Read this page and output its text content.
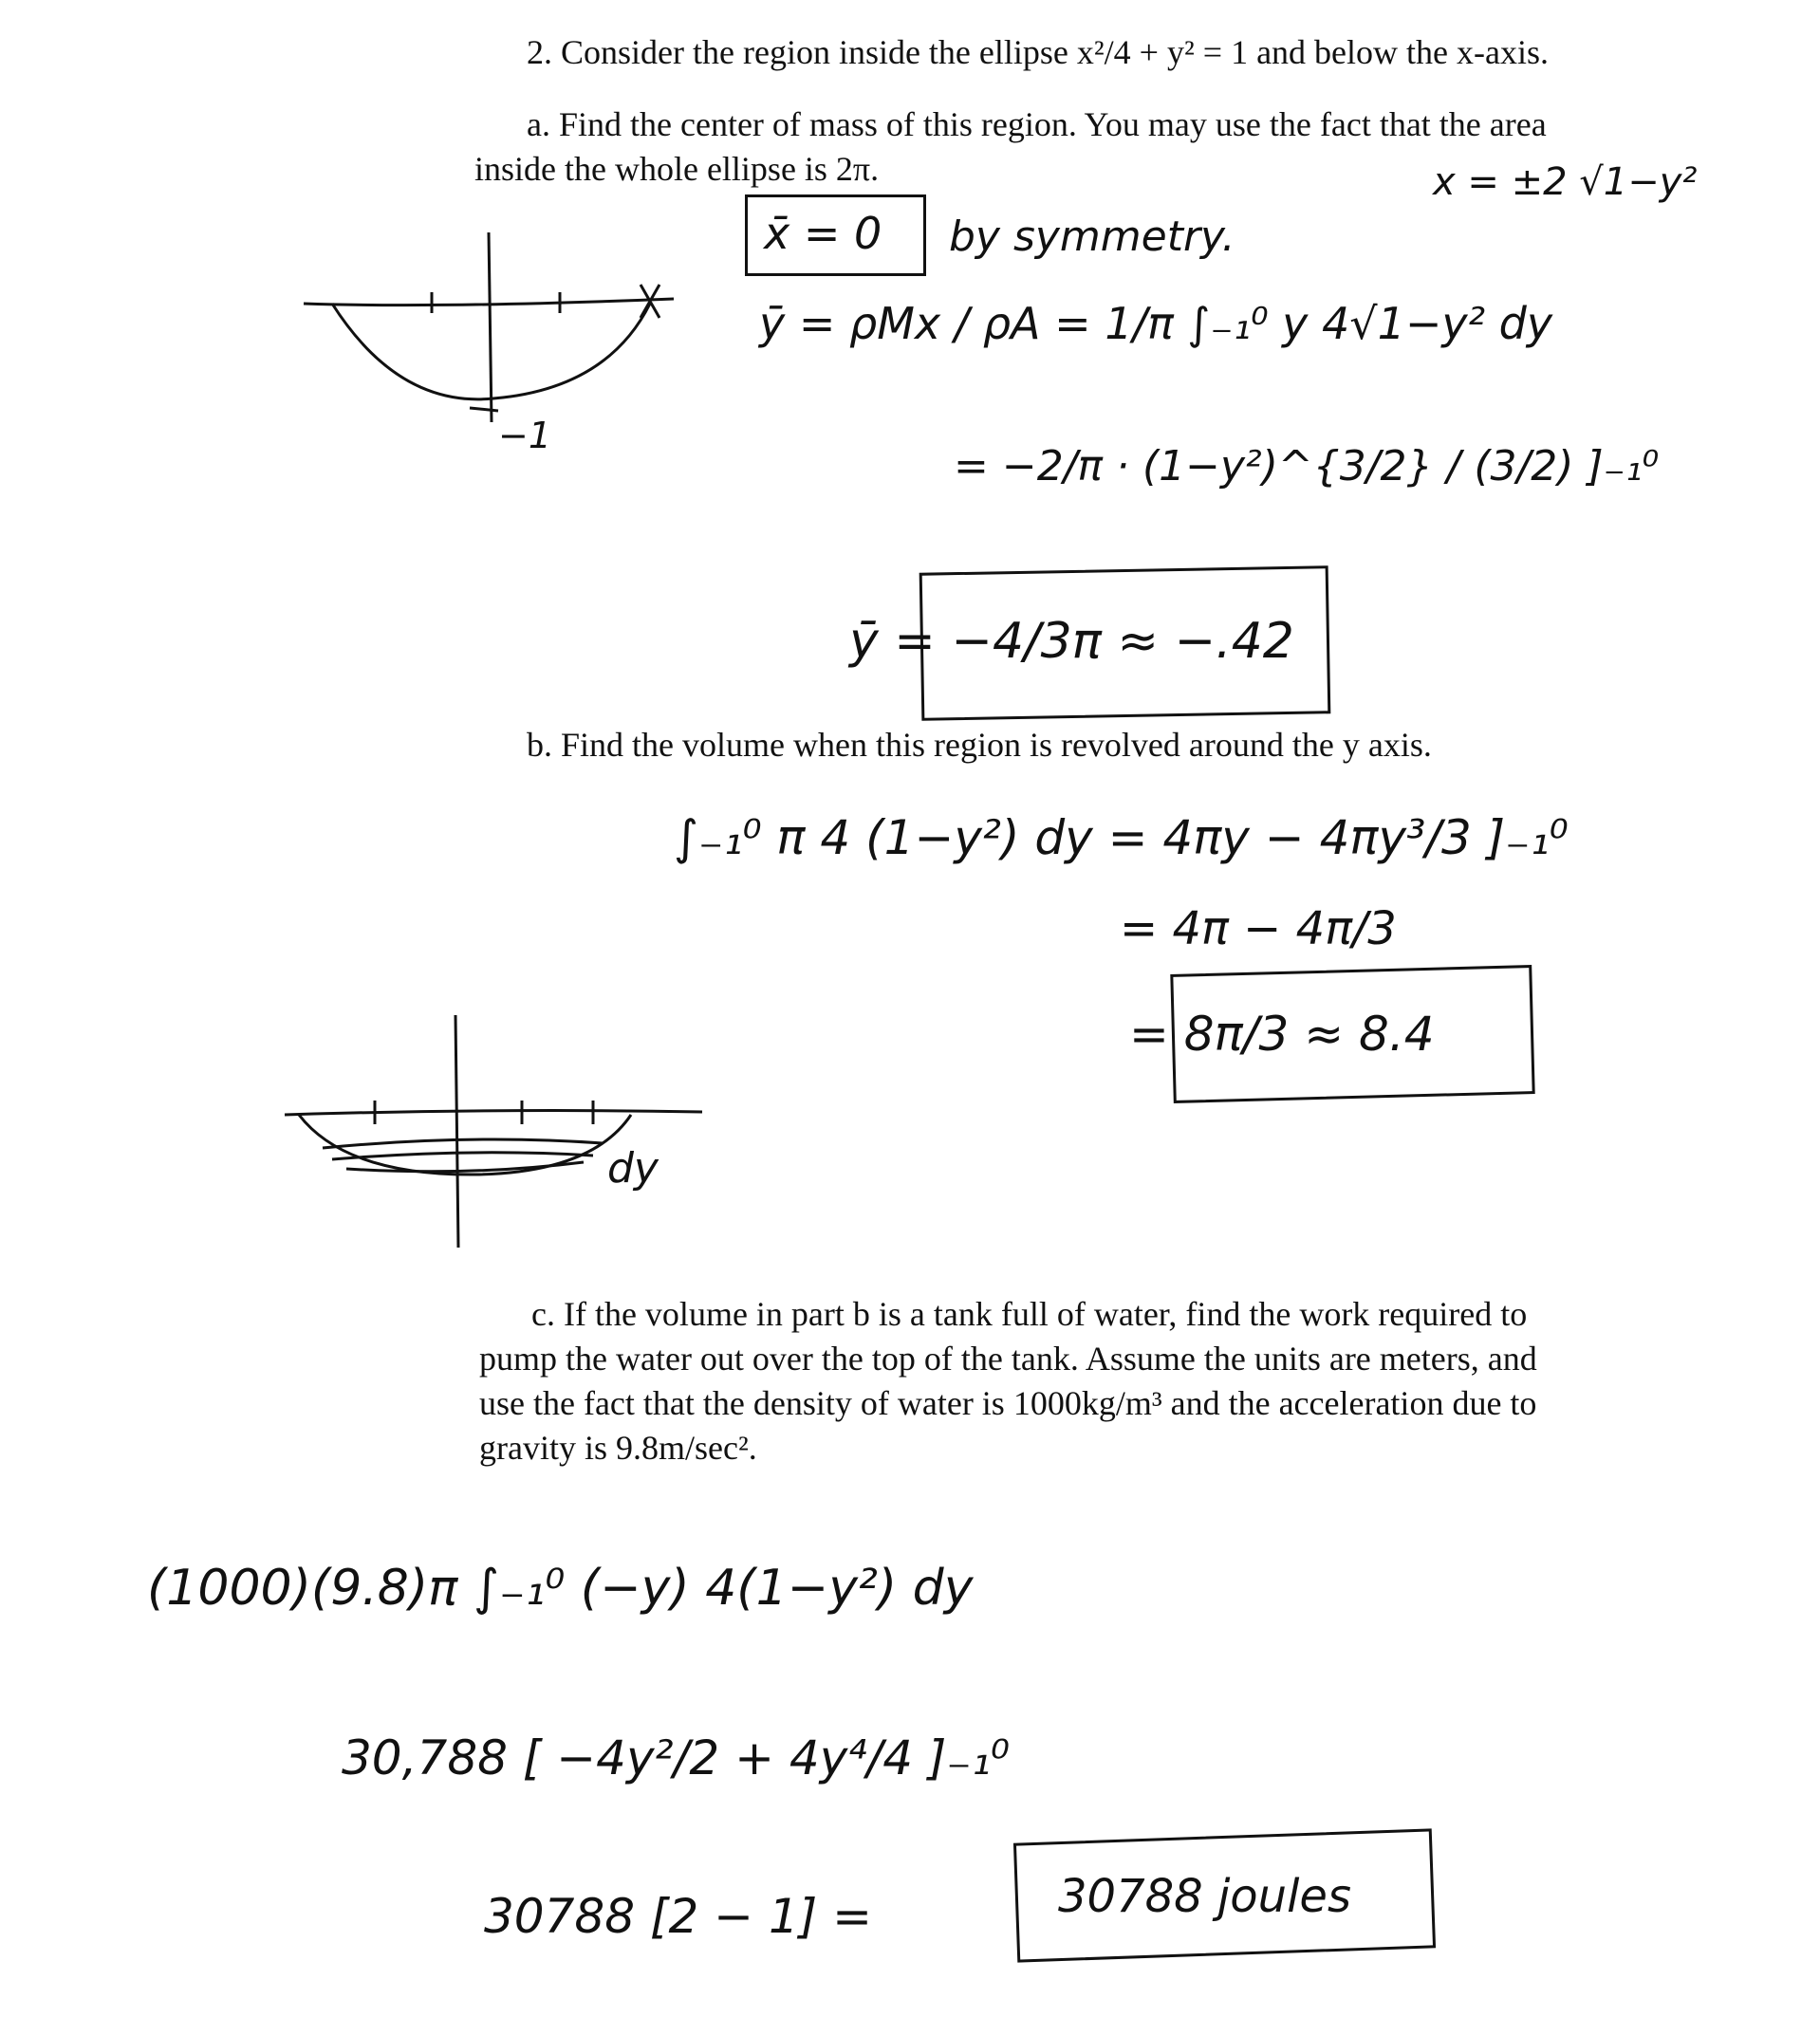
2. Consider the region inside the ellipse x²/4 + y² = 1 and below the x-axis.
a. Find the center of mass of this region. You may use the fact that the area
inside the whole ellipse is 2π.	x = ±2 √1−y²
x̄ = 0 by symmetry.
ȳ = ρMx / ρA = 1/π ∫₋₁⁰ y 4√1−y² dy
= −2/π · (1−y²)^{3/2} / (3/2) ]₋₁⁰
ȳ = −4/3π ≈ −.42
−1
b. Find the volume when this region is revolved around the y axis.
∫₋₁⁰ π 4 (1−y²) dy = 4πy − 4πy³/3 ]₋₁⁰
= 4π − 4π/3
= 8π/3 ≈ 8.4
dy
c. If the volume in part b is a tank full of water, find the work required to
pump the water out over the top of the tank. Assume the units are meters, and
use the fact that the density of water is 1000kg/m³ and the acceleration due to
gravity is 9.8m/sec².
(1000)(9.8)π ∫₋₁⁰ (−y) 4(1−y²) dy
30,788 [ −4y²/2 + 4y⁴/4 ]₋₁⁰
30788 [2 − 1] =	30788 joules
